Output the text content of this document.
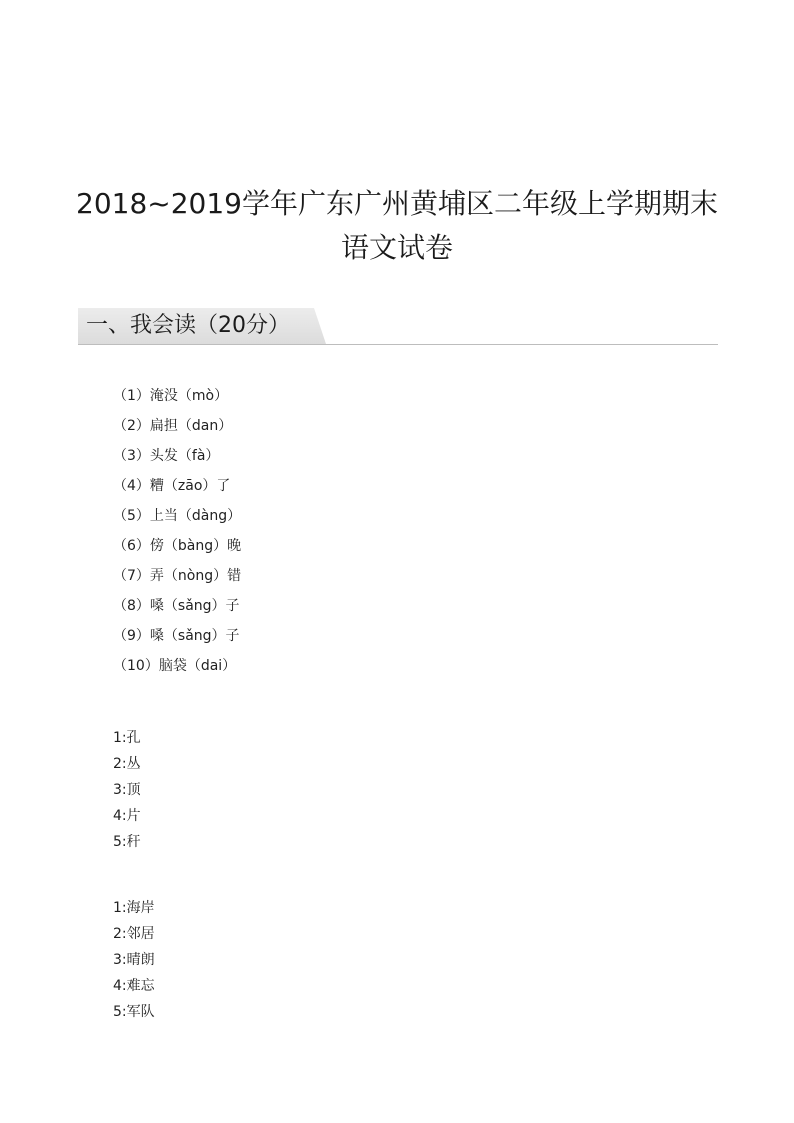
2018~2019学年广东广州黄埔区二年级上学期期末
语文试卷
一、我会读（20分）
（1）淹没（mò）
（2）扁担（dan）
（3）头发（fà）
（4）糟（zāo）了
（5）上当（dàng）
（6）傍（bàng）晚
（7）弄（nòng）错
（8）嗓（sǎng）子
（9）嗓（sǎng）子
（10）脑袋（dai）
1:孔
2:丛
3:顶
4:片
5:秆
1:海岸
2:邻居
3:晴朗
4:难忘
5:军队
